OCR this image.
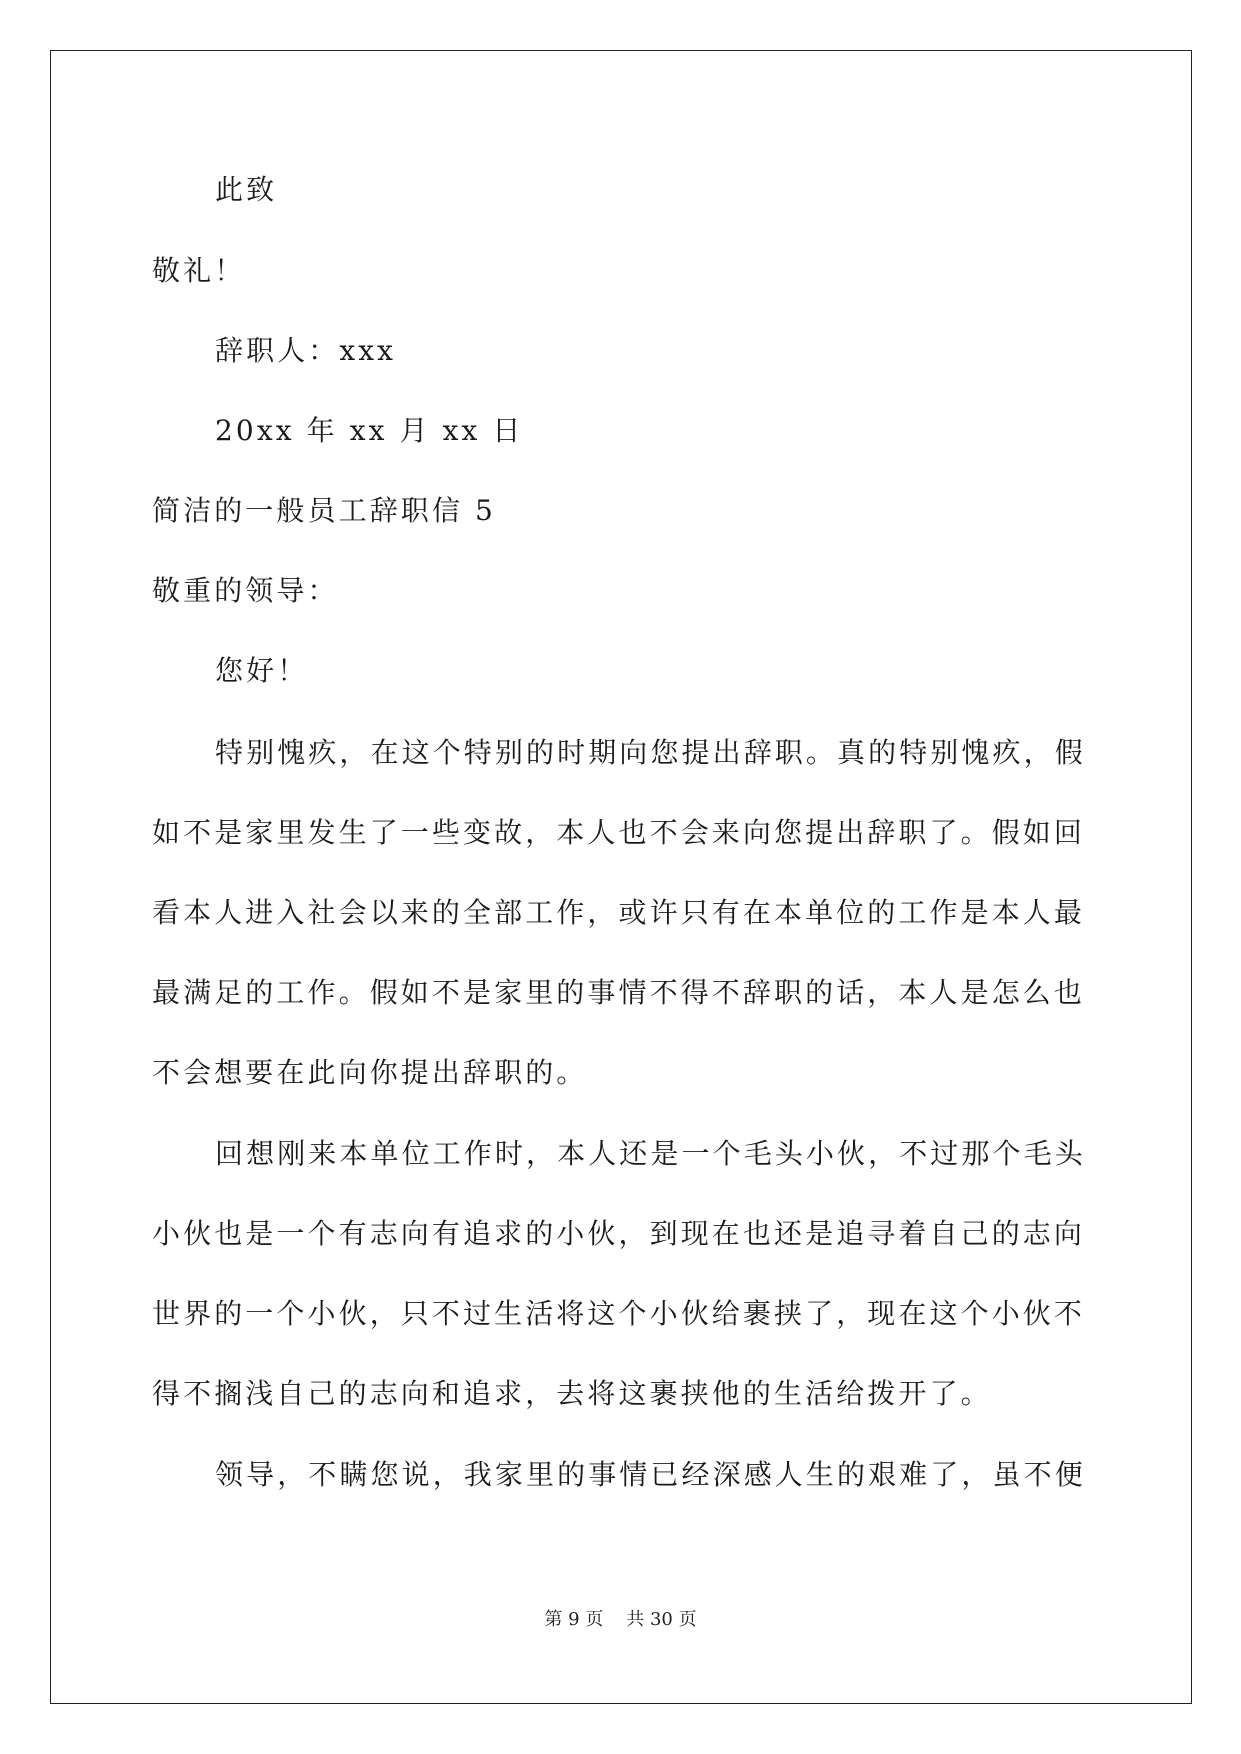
此致
敬礼！
辞职人：xxx
20xx 年 xx 月 xx 日
简洁的一般员工辞职信 5
敬重的领导：
您好！
特别愧疚，在这个特别的时期向您提出辞职。真的特别愧疚，假
如不是家里发生了一些变故，本人也不会来向您提出辞职了。假如回
看本人进入社会以来的全部工作，或许只有在本单位的工作是本人最
最满足的工作。假如不是家里的事情不得不辞职的话，本人是怎么也
不会想要在此向你提出辞职的。
回想刚来本单位工作时，本人还是一个毛头小伙，不过那个毛头
小伙也是一个有志向有追求的小伙，到现在也还是追寻着自己的志向
世界的一个小伙，只不过生活将这个小伙给裹挟了，现在这个小伙不
得不搁浅自己的志向和追求，去将这裹挟他的生活给拨开了。
领导，不瞒您说，我家里的事情已经深感人生的艰难了，虽不便
第 9 页 共 30 页
